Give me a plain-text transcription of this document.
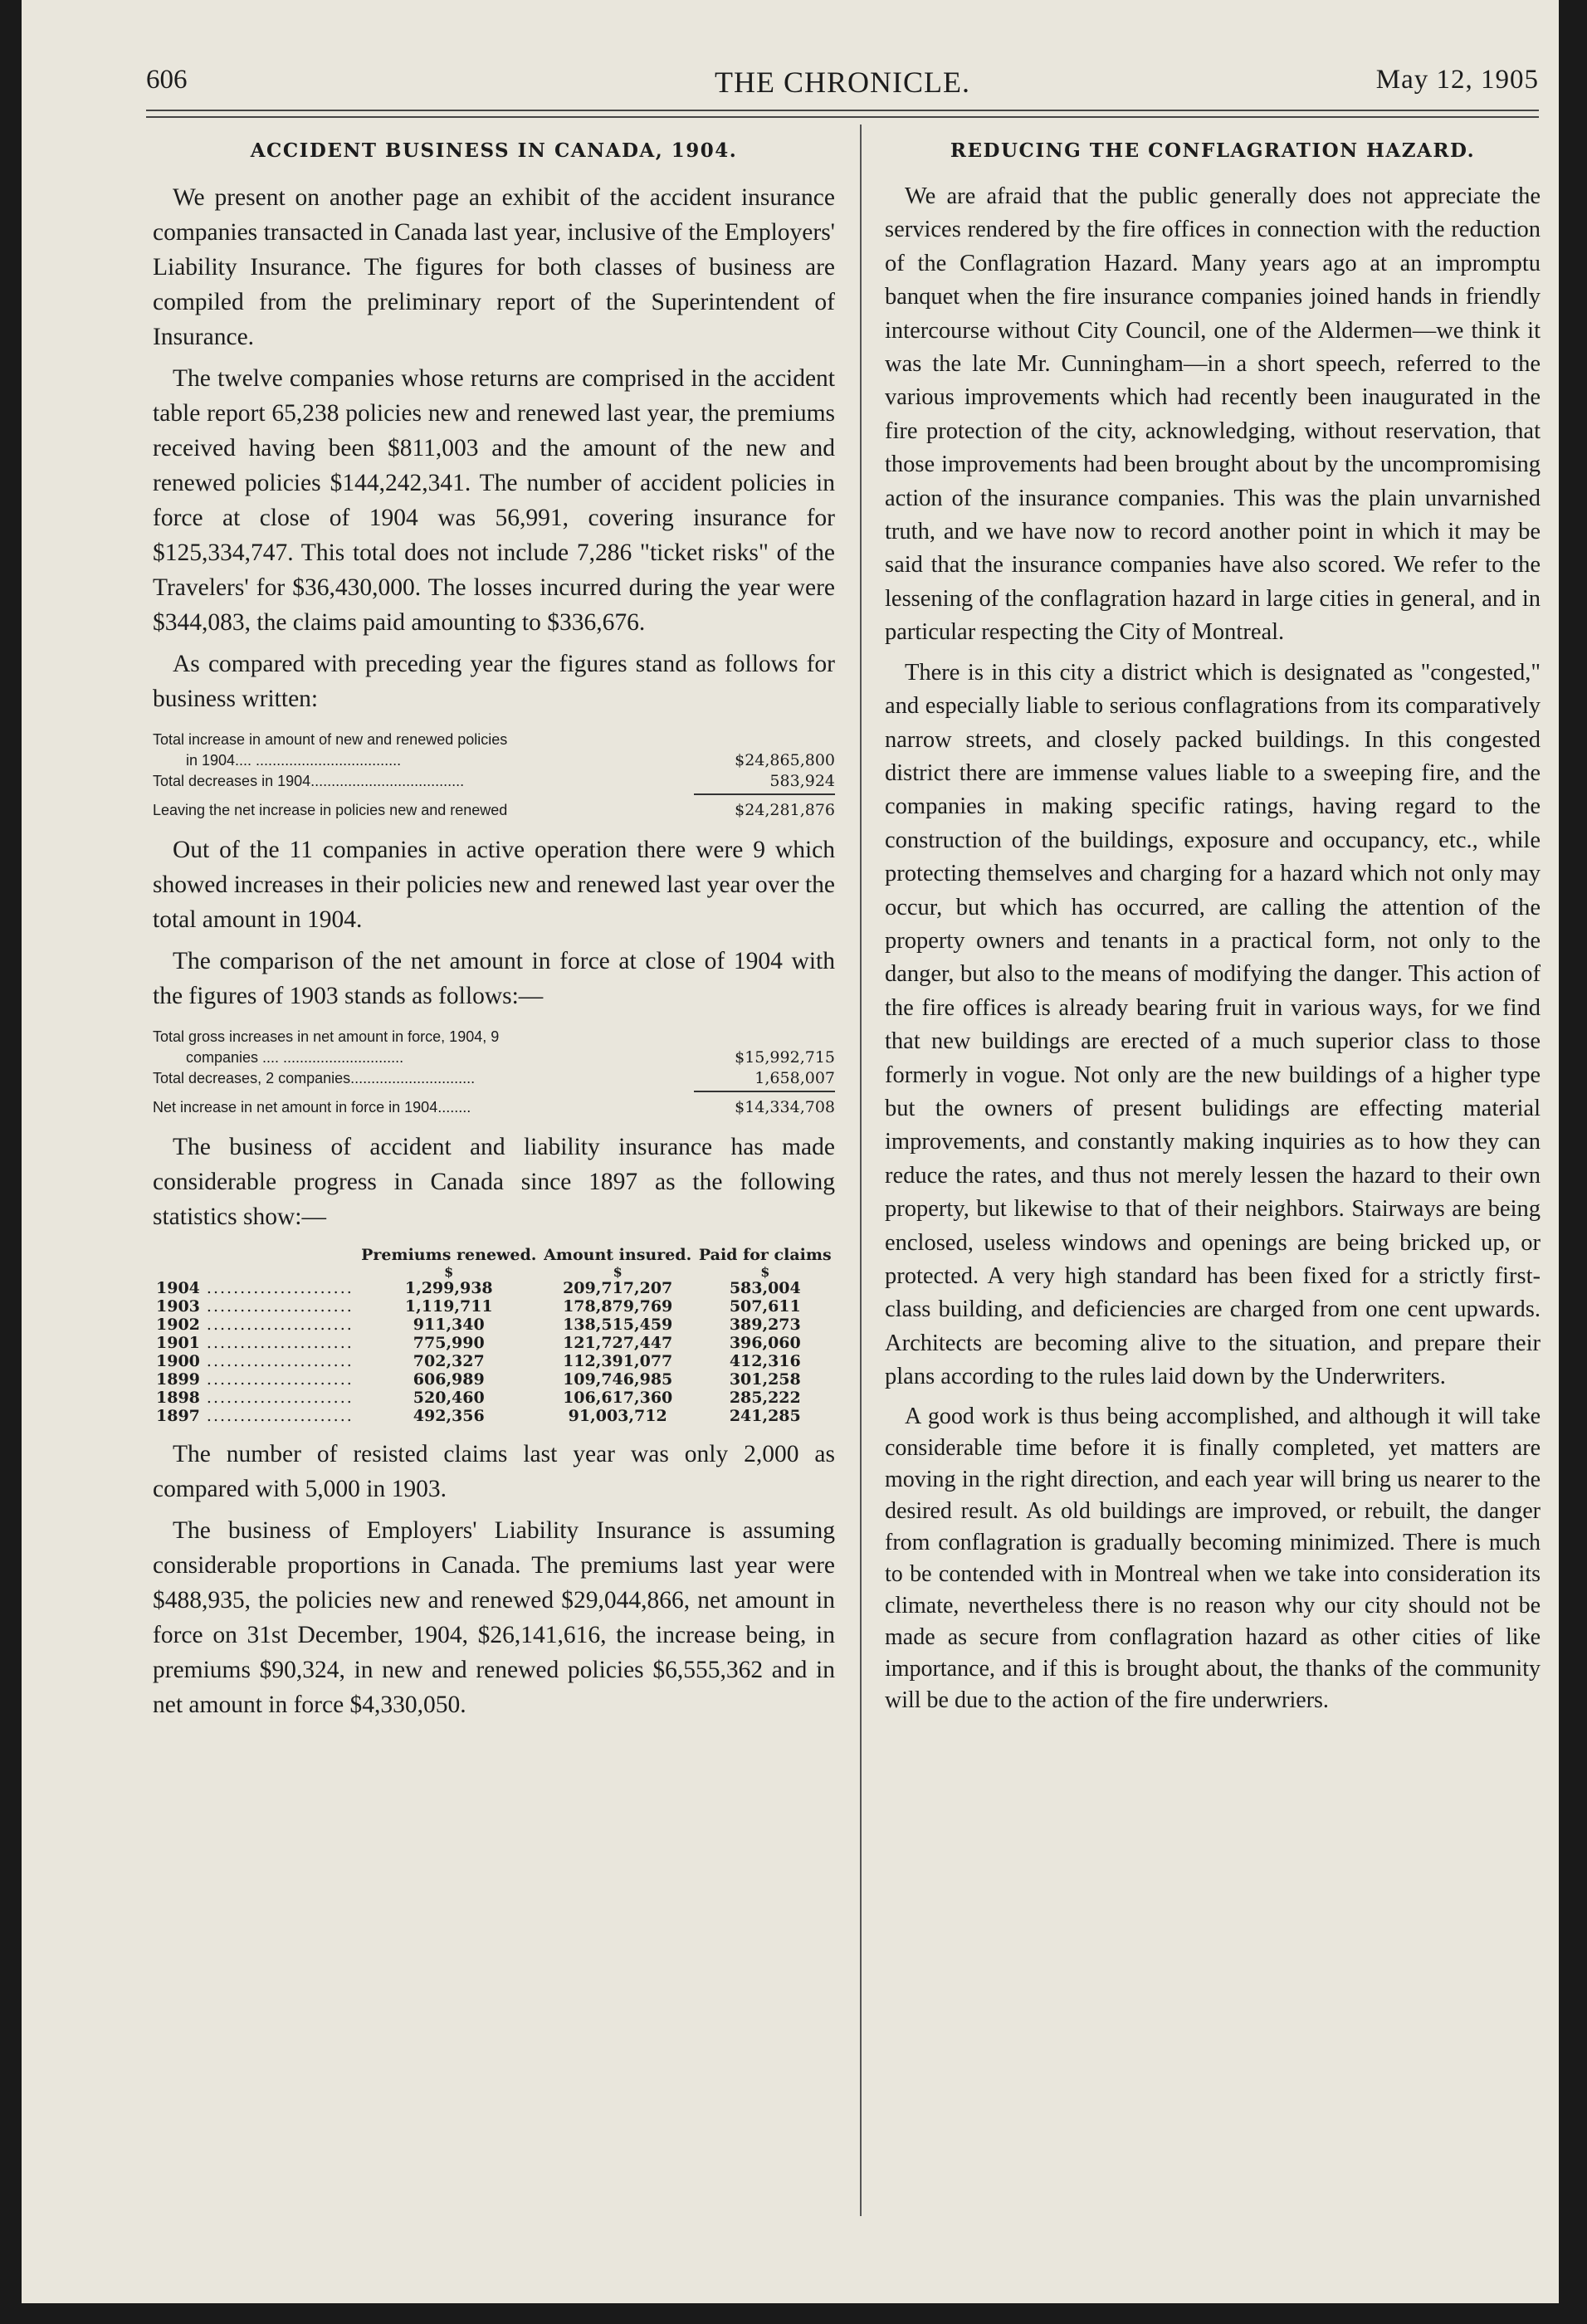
606	THE CHRONICLE.	May 12, 1905
ACCIDENT BUSINESS IN CANADA, 1904.

We present on another page an exhibit of the accident insurance companies transacted in Canada last year, inclusive of the Employers' Liability Insurance. The figures for both classes of business are compiled from the preliminary report of the Superintendent of Insurance.

The twelve companies whose returns are comprised in the accident table report 65,238 policies new and renewed last year, the premiums received having been $811,003 and the amount of the new and renewed policies $144,242,341. The number of accident policies in force at close of 1904 was 56,991, covering insurance for $125,334,747. This total does not include 7,286 "ticket risks" of the Travelers' for $36,430,000. The losses incurred during the year were $344,083, the claims paid amounting to $336,676.

As compared with preceding year the figures stand as follows for business written:

Total increase in amount of new and renewed policies
in 1904.... ...................................	$24,865,800
Total decreases in 1904.....................................	583,924
Leaving the net increase in policies new and renewed	$24,281,876

Out of the 11 companies in active operation there were 9 which showed increases in their policies new and renewed last year over the total amount in 1904.

The comparison of the net amount in force at close of 1904 with the figures of 1903 stands as follows:—

Total gross increases in net amount in force, 1904, 9
companies .... .............................	$15,992,715
Total decreases, 2 companies..............................	1,658,007
Net increase in net amount in force in 1904........	$14,334,708

The business of accident and liability insurance has made considerable progress in Canada since 1897 as the following statistics show:—

	Premiums renewed.	Amount insured.	Paid for claims
	$	$	$
1904 .....	1,299,938	209,717,207	583,004
1903 .....	1,119,711	178,879,769	507,611
1902 .....	911,340	138,515,459	389,273
1901 .....	775,990	121,727,447	396,060
1900 .....	702,327	112,391,077	412,316
1899 .....	606,989	109,746,985	301,258
1898 .....	520,460	106,617,360	285,222
1897 .....	492,356	91,003,712	241,285

The number of resisted claims last year was only 2,000 as compared with 5,000 in 1903.

The business of Employers' Liability Insurance is assuming considerable proportions in Canada. The premiums last year were $488,935, the policies new and renewed $29,044,866, net amount in force on 31st December, 1904, $26,141,616, the increase being, in premiums $90,324, in new and renewed policies $6,555,362 and in net amount in force $4,330,050.

REDUCING THE CONFLAGRATION HAZARD.

We are afraid that the public generally does not appreciate the services rendered by the fire offices in connection with the reduction of the Conflagration Hazard. Many years ago at an impromptu banquet when the fire insurance companies joined hands in friendly intercourse without City Council, one of the Aldermen—we think it was the late Mr. Cunningham—in a short speech, referred to the various improvements which had recently been inaugurated in the fire protection of the city, acknowledging, without reservation, that those improvements had been brought about by the uncompromising action of the insurance companies. This was the plain unvarnished truth, and we have now to record another point in which it may be said that the insurance companies have also scored. We refer to the lessening of the conflagration hazard in large cities in general, and in particular respecting the City of Montreal.

There is in this city a district which is designated as "congested," and especially liable to serious conflagrations from its comparatively narrow streets, and closely packed buildings. In this congested district there are immense values liable to a sweeping fire, and the companies in making specific ratings, having regard to the construction of the buildings, exposure and occupancy, etc., while protecting themselves and charging for a hazard which not only may occur, but which has occurred, are calling the attention of the property owners and tenants in a practical form, not only to the danger, but also to the means of modifying the danger. This action of the fire offices is already bearing fruit in various ways, for we find that new buildings are erected of a much superior class to those formerly in vogue. Not only are the new buildings of a higher type but the owners of present bulidings are effecting material improvements, and constantly making inquiries as to how they can reduce the rates, and thus not merely lessen the hazard to their own property, but likewise to that of their neighbors. Stairways are being enclosed, useless windows and openings are being bricked up, or protected. A very high standard has been fixed for a strictly first-class building, and deficiencies are charged from one cent upwards. Architects are becoming alive to the situation, and prepare their plans according to the rules laid down by the Underwriters.

A good work is thus being accomplished, and although it will take considerable time before it is finally completed, yet matters are moving in the right direction, and each year will bring us nearer to the desired result. As old buildings are improved, or rebuilt, the danger from conflagration is gradually becoming minimized. There is much to be contended with in Montreal when we take into consideration its climate, nevertheless there is no reason why our city should not be made as secure from conflagration hazard as other cities of like importance, and if this is brought about, the thanks of the community will be due to the action of the fire underwriers.
